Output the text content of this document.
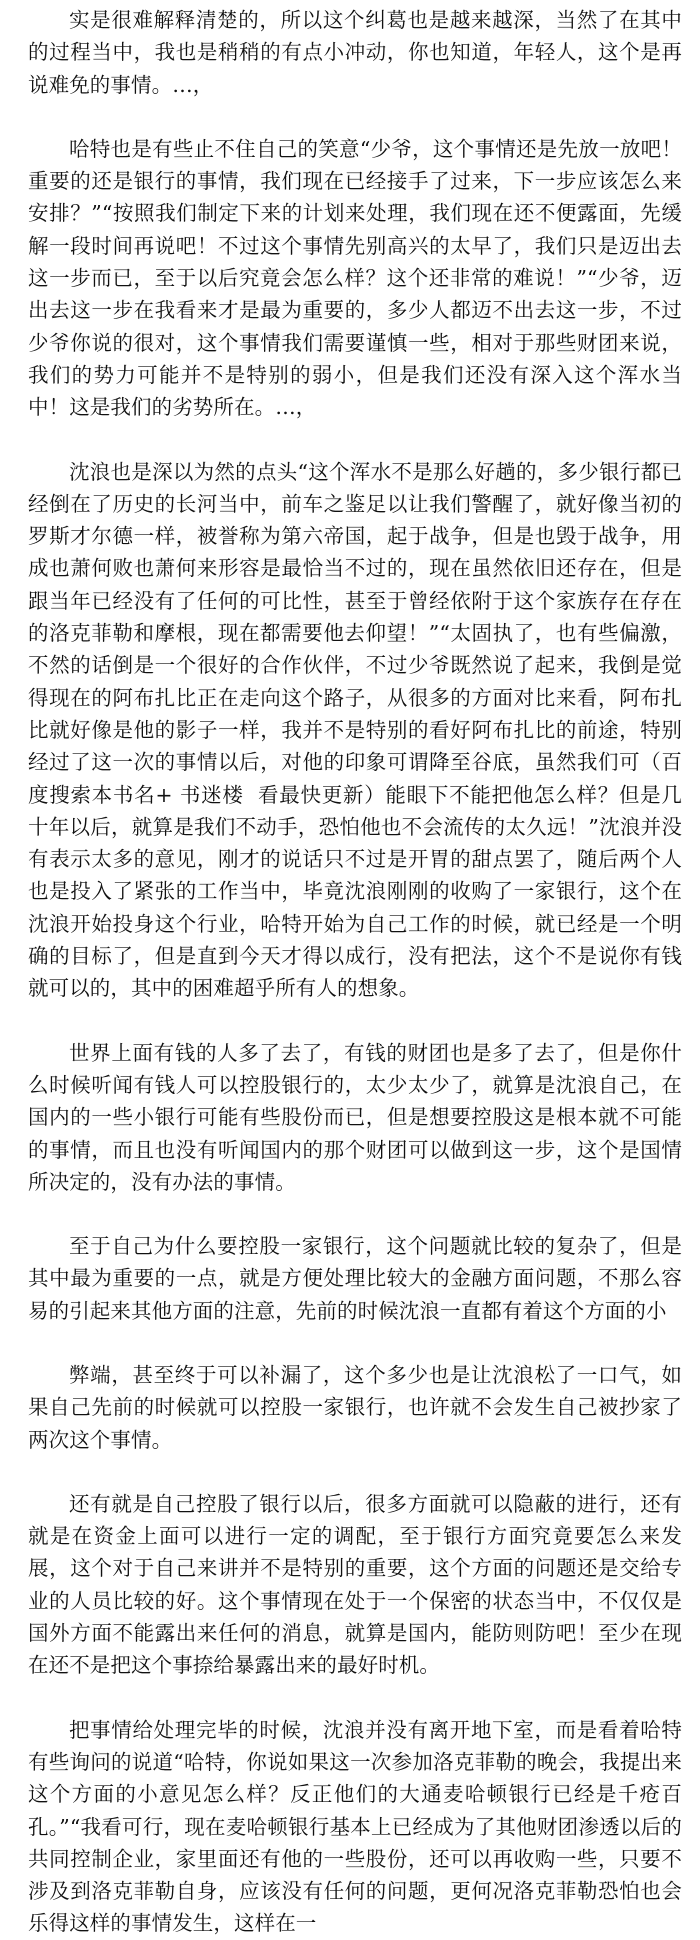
实是很难解释清楚的，所以这个纠葛也是越来越深，当然了在其中的过程当中，我也是稍稍的有点小冲动，你也知道，年轻人，这个是再说难免的事情。…，

哈特也是有些止不住自己的笑意“少爷，这个事情还是先放一放吧！重要的还是银行的事情，我们现在已经接手了过来，下一步应该怎么来安排？”“按照我们制定下来的计划来处理，我们现在还不便露面，先缓解一段时间再说吧！不过这个事情先别高兴的太早了，我们只是迈出去这一步而已，至于以后究竟会怎么样？这个还非常的难说！”“少爷，迈出去这一步在我看来才是最为重要的，多少人都迈不出去这一步，不过少爷你说的很对，这个事情我们需要谨慎一些，相对于那些财团来说，我们的势力可能并不是特别的弱小，但是我们还没有深入这个浑水当中！这是我们的劣势所在。…，

沈浪也是深以为然的点头“这个浑水不是那么好趟的，多少银行都已经倒在了历史的长河当中，前车之鉴足以让我们警醒了，就好像当初的罗斯才尔德一样，被誉称为第六帝国，起于战争，但是也毁于战争，用成也萧何败也萧何来形容是最恰当不过的，现在虽然依旧还存在，但是跟当年已经没有了任何的可比性，甚至于曾经依附于这个家族存在存在的洛克菲勒和摩根，现在都需要他去仰望！”“太固执了，也有些偏激，不然的话倒是一个很好的合作伙伴，不过少爷既然说了起来，我倒是觉得现在的阿布扎比正在走向这个路子，从很多的方面对比来看，阿布扎比就好像是他的影子一样，我并不是特别的看好阿布扎比的前途，特别经过了这一次的事情以后，对他的印象可谓降至谷底，虽然我们可（百度搜索本书名+ 书迷楼  看最快更新）能眼下不能把他怎么样？但是几十年以后，就算是我们不动手，恐怕他也不会流传的太久远！”沈浪并没有表示太多的意见，刚才的说话只不过是开胃的甜点罢了，随后两个人也是投入了紧张的工作当中，毕竟沈浪刚刚的收购了一家银行，这个在沈浪开始投身这个行业，哈特开始为自己工作的时候，就已经是一个明确的目标了，但是直到今天才得以成行，没有把法，这个不是说你有钱就可以的，其中的困难超乎所有人的想象。

世界上面有钱的人多了去了，有钱的财团也是多了去了，但是你什么时候听闻有钱人可以控股银行的，太少太少了，就算是沈浪自己，在国内的一些小银行可能有些股份而已，但是想要控股这是根本就不可能的事情，而且也没有听闻国内的那个财团可以做到这一步，这个是国情所决定的，没有办法的事情。

至于自己为什么要控股一家银行，这个问题就比较的复杂了，但是其中最为重要的一点，就是方便处理比较大的金融方面问题，不那么容易的引起来其他方面的注意，先前的时候沈浪一直都有着这个方面的小

弊端，甚至终于可以补漏了，这个多少也是让沈浪松了一口气，如果自己先前的时候就可以控股一家银行，也许就不会发生自己被抄家了两次这个事情。

还有就是自己控股了银行以后，很多方面就可以隐蔽的进行，还有就是在资金上面可以进行一定的调配，至于银行方面究竟要怎么来发展，这个对于自己来讲并不是特别的重要，这个方面的问题还是交给专业的人员比较的好。这个事情现在处于一个保密的状态当中，不仅仅是国外方面不能露出来任何的消息，就算是国内，能防则防吧！至少在现在还不是把这个事捺给暴露出来的最好时机。

把事情给处理完毕的时候，沈浪并没有离开地下室，而是看着哈特有些询问的说道“哈特，你说如果这一次参加洛克菲勒的晚会，我提出来这个方面的小意见怎么样？反正他们的大通麦哈顿银行已经是千疮百孔。”“我看可行，现在麦哈顿银行基本上已经成为了其他财团渗透以后的共同控制企业，家里面还有他的一些股份，还可以再收购一些，只要不涉及到洛克菲勒自身，应该没有任何的问题，更何况洛克菲勒恐怕也会乐得这样的事情发生，这样在一
